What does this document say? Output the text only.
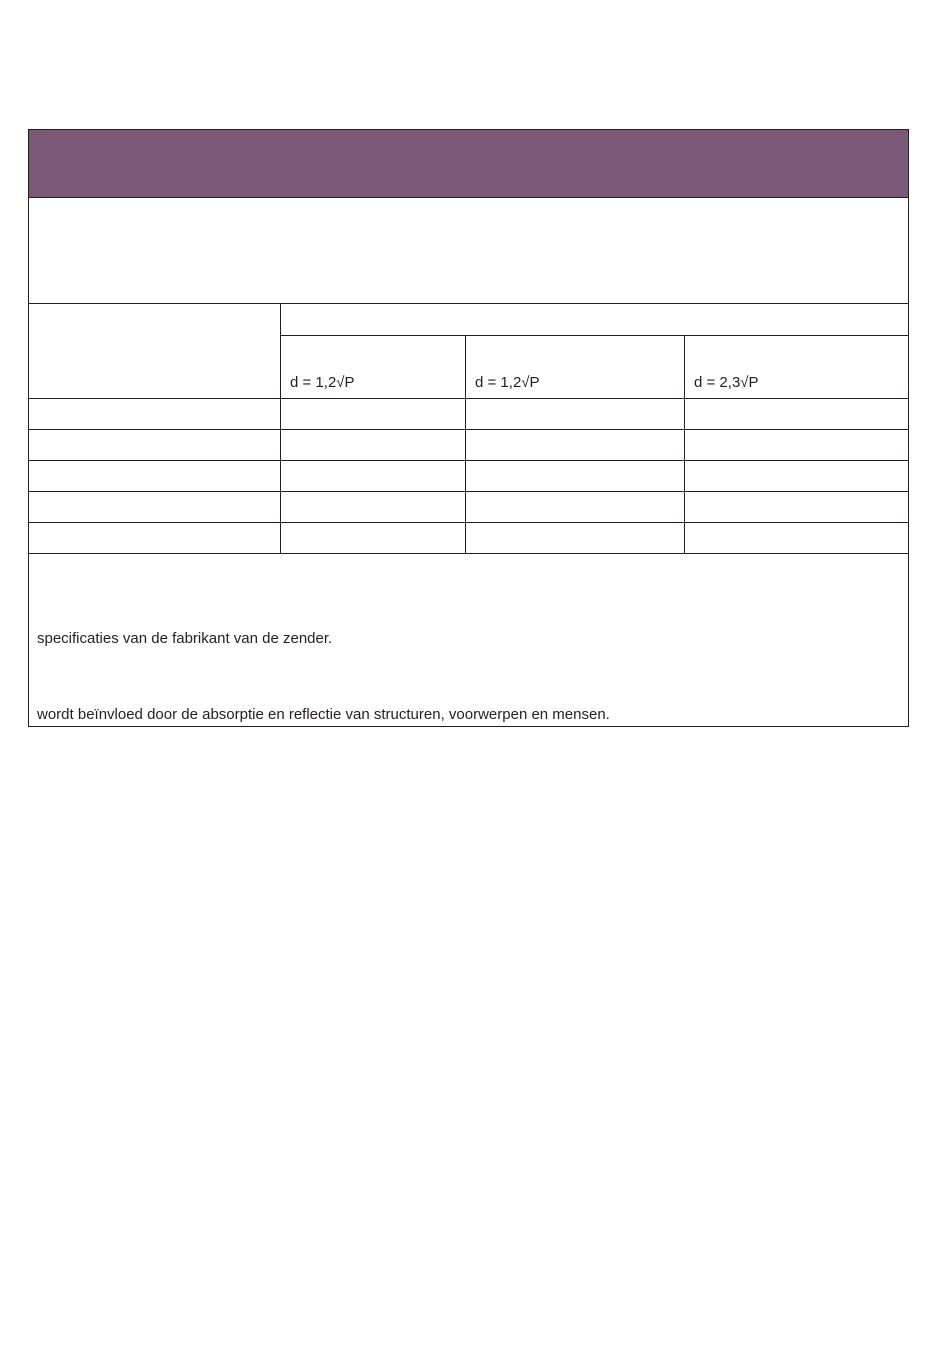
	d = 1,2√P	d = 1,2√P	d = 2,3√P

specificaties van de fabrikant van de zender.
wordt beïnvloed door de absorptie en reflectie van structuren, voorwerpen en mensen.
